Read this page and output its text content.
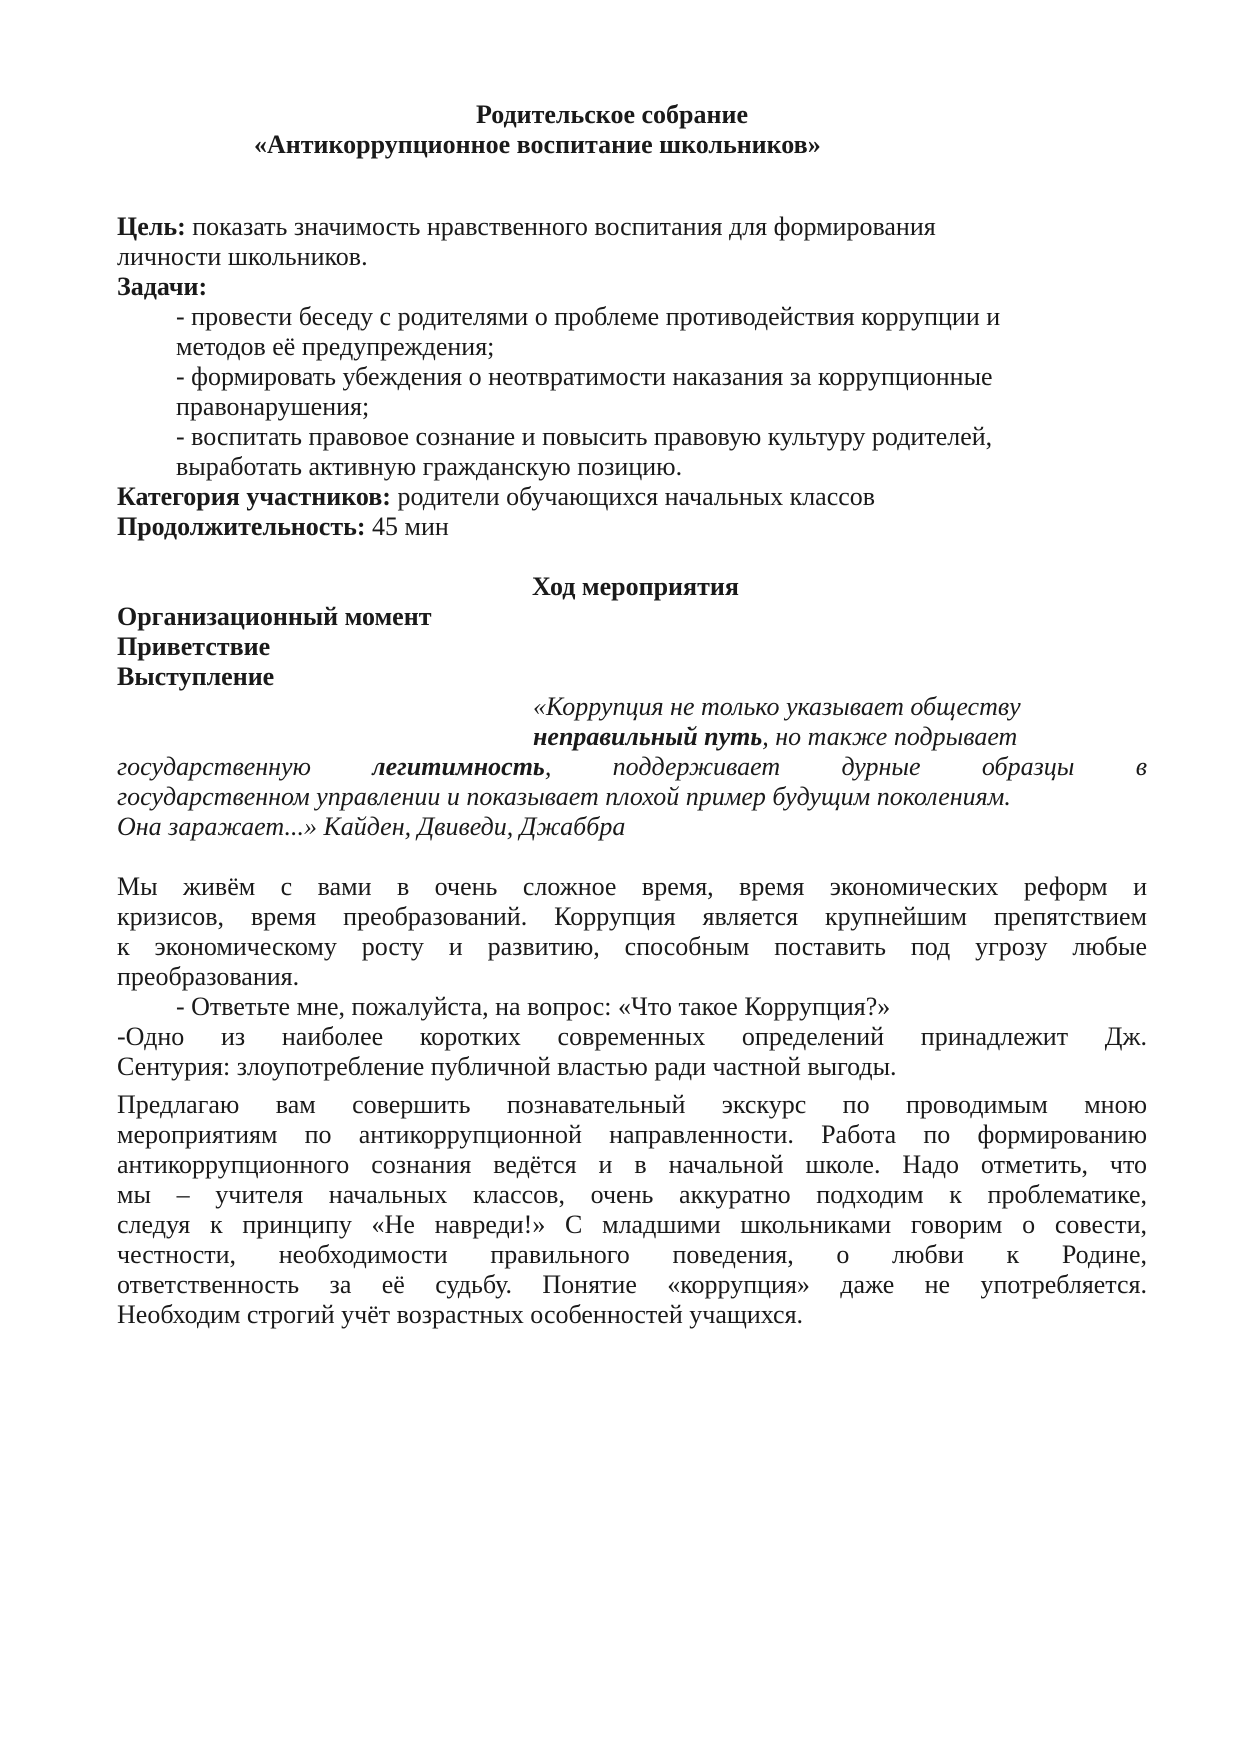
Родительское собрание
«Антикоррупционное воспитание школьников»
Цель: показать значимость нравственного воспитания для формирования
личности школьников.
Задачи:
- провести беседу с родителями о проблеме противодействия коррупции и
методов её предупреждения;
- формировать убеждения о неотвратимости наказания за коррупционные
правонарушения;
- воспитать правовое сознание и повысить правовую культуру родителей,
выработать активную гражданскую позицию.
Категория участников: родители обучающихся начальных классов
Продолжительность: 45 мин
Ход мероприятия
Организационный момент
Приветствие
Выступление
«Коррупция не только указывает обществу
неправильный путь, но также подрывает
государственную легитимность, поддерживает дурные образцы в
государственном управлении и показывает плохой пример будущим поколениям.
Она заражает...» Кайден, Двиведи, Джаббра
Мы живём с вами в очень сложное время, время экономических реформ и
кризисов, время преобразований. Коррупция является крупнейшим препятствием
к экономическому росту и развитию, способным поставить под угрозу любые
преобразования.
- Ответьте мне, пожалуйста, на вопрос: «Что такое Коррупция?»
-Одно из наиболее коротких современных определений принадлежит Дж.
Сентурия: злоупотребление публичной властью ради частной выгоды.
Предлагаю вам совершить познавательный экскурс по проводимым мною
мероприятиям по антикоррупционной направленности. Работа по формированию
антикоррупционного сознания ведётся и в начальной школе. Надо отметить, что
мы – учителя начальных классов, очень аккуратно подходим к проблематике,
следуя к принципу «Не навреди!» С младшими школьниками говорим о совести,
честности, необходимости правильного поведения, о любви к Родине,
ответственность за её судьбу. Понятие «коррупция» даже не употребляется.
Необходим строгий учёт возрастных особенностей учащихся.
